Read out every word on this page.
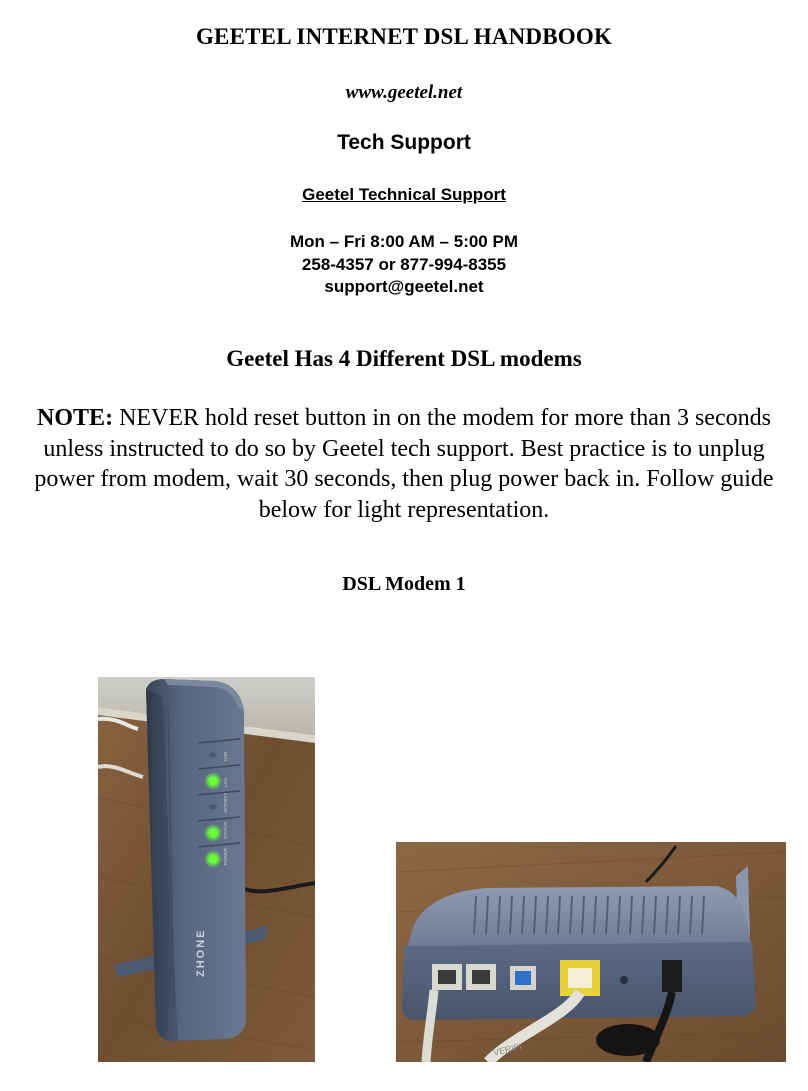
GEETEL INTERNET DSL HANDBOOK
www.geetel.net
Tech Support
Geetel Technical Support
Mon – Fri 8:00 AM – 5:00 PM
258-4357 or 877-994-8355
support@geetel.net
Geetel Has 4 Different DSL modems
NOTE: NEVER hold reset button in on the modem for more than 3 seconds unless instructed to do so by Geetel tech support. Best practice is to unplug power from modem, wait 30 seconds, then plug power back in. Follow guide below for light representation.
DSL Modem 1
USB
LAN
ACTIVITY
STATUS
POWER
ZHONE
VERIFI
